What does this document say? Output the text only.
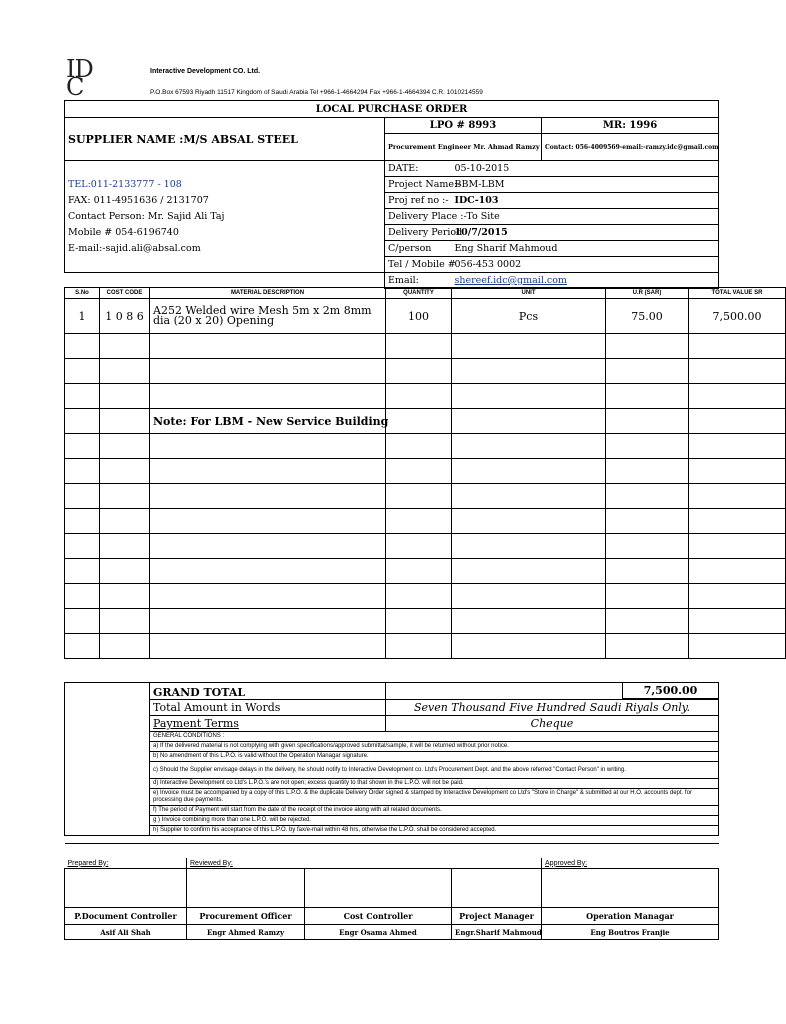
ID
C
Interactive Development CO. Ltd.
P.O.Box 67593 Riyadh 11517 Kingdom of Saudi Arabia Tel +966-1-4664294 Fax +966-1-4664394 C.R. 1010214559
LOCAL PURCHASE ORDER			
SUPPLIER NAME :M/S ABSAL STEEL	LPO # 8993		MR: 1996
	Procurement Engineer Mr. Ahmad Ramzy		Contact: 056-4009569-email:-ramzy.idc@gmail.com
	DATE:	05-10-2015	
TEL:011-2133777 - 108	Project Name:-	BBM-LBM	
FAX: 011-4951636 / 2131707	Proj ref no :-	IDC-103	
Contact Person: Mr. Sajid Ali Taj	Delivery Place :-To Site		
Mobile # 054-6196740	Delivery Period	10/7/2015	
E-mail:-sajid.ali@absal.com	C/person	Eng Sharif Mahmoud	
	Tel / Mobile #	056-453 0002	
	Email:	shereef.idc@gmail.com	
S.No	COST CODE	MATERIAL DESCRIPTION	QUANTITY	UNIT	U.R (SAR)	TOTAL VALUE SR
1	1 0 8 6	A252 Welded wire Mesh 5m x 2m 8mm dia (20 x 20) Opening	100	Pcs	75.00	7,500.00

		Note: For LBM - New Service Building				

	GRAND TOTAL		7,500.00
	Total Amount in Words	Seven Thousand Five Hundred Saudi Riyals Only.	
	Payment Terms	Cheque	
	GENERAL CONDITIONS :		
	a) If the delivered material is not complying with given specifications/approved submittal/sample, it will be returned without prior notice.		
	b) No amendment of this L.P.O. is valid without the Operation Managar signature.		
	c) Should the Supplier envisage delays in the delivery, he should notify to Interactive Development co. Ltd's Procurement Dept. and the above referred "Contact Person" in writing.		
	d) Interactive Development co Ltd's L.P.O.'s are not open; excess quantity to that shown in the L.P.O. will not be paid.		
	e) Invoice must be accompanied by a copy of this L.P.O. & the duplicate Delivery Order signed & stamped by Interactive Development co Ltd's "Store in Charge" & submitted at our H.O. accounts dept. for processing due payments.		
	f) The period of Payment will start from the date of the receipt of the invoice along with all related documents.		
	g ) Invoice combining more than one L.P.O. will be rejected.		
	h) Supplier to confirm his acceptance of this L.P.O. by fax/e-mail within 48 hrs, otherwise the L.P.O. shall be considered accepted.		

Prepared By:	Reviewed By:			Approved By:

P.Document Controller	Procurement Officer	Cost Controller	Project Manager	Operation Managar
Asif Ali Shah	Engr Ahmed Ramzy	Engr Osama Ahmed	Engr.Sharif Mahmoud	Eng Boutros Franjie
